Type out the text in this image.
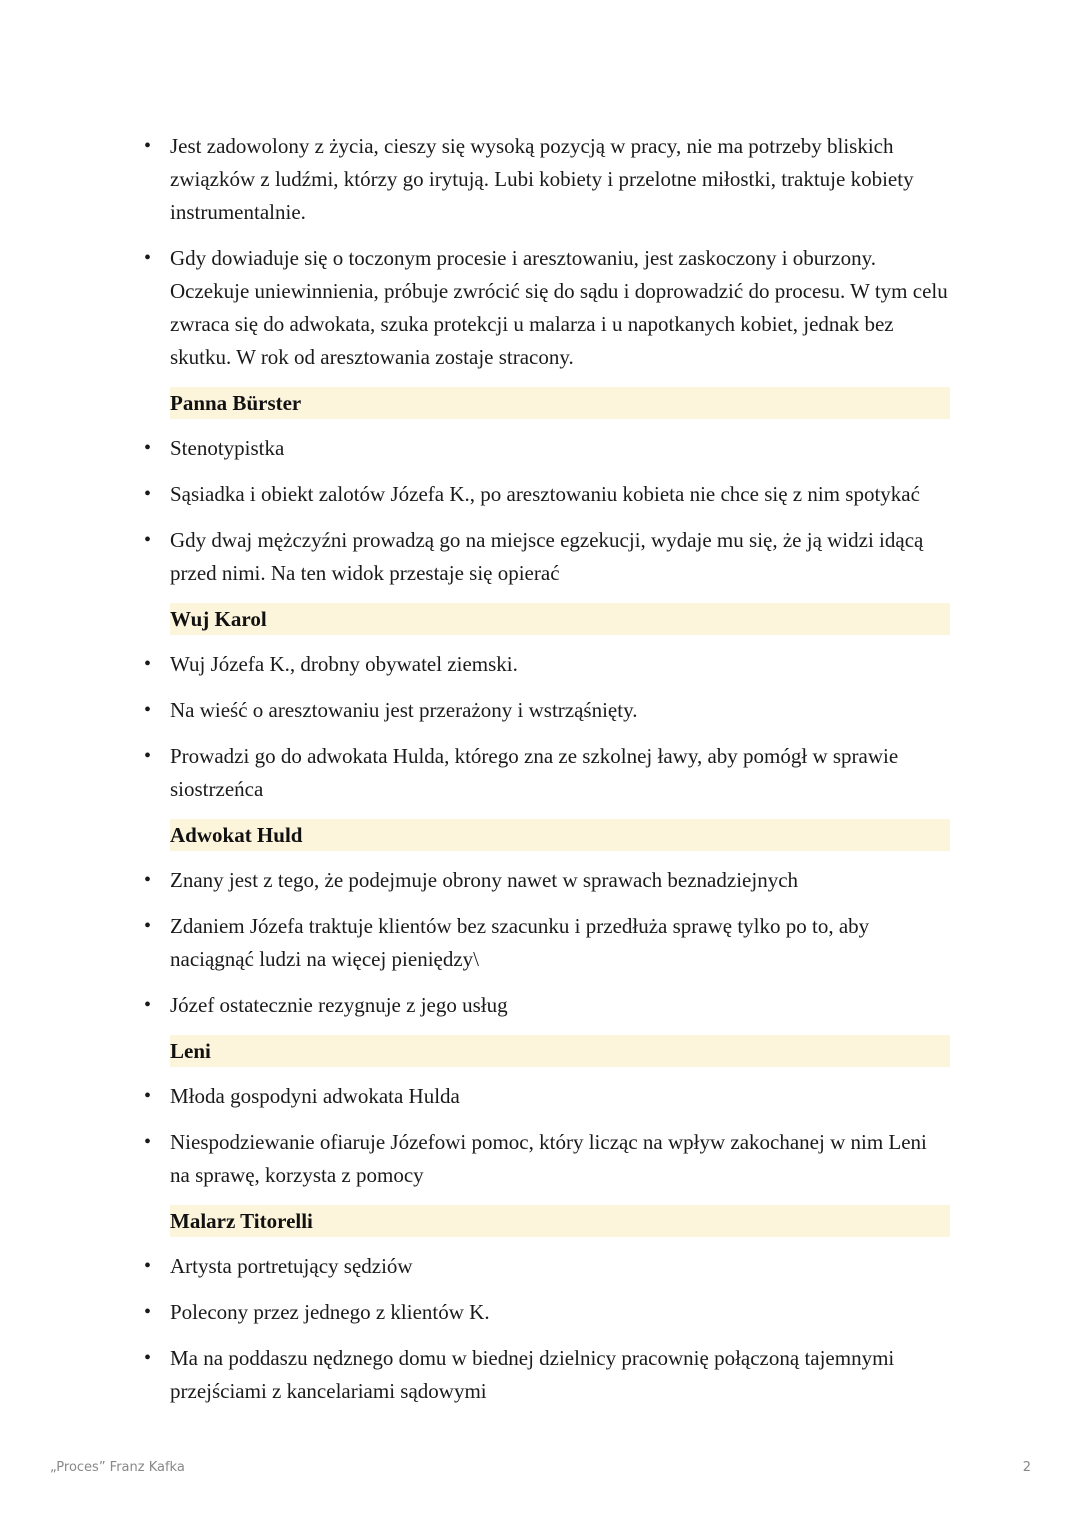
• Jest zadowolony z życia, cieszy się wysoką pozycją w pracy, nie ma potrzeby bliskich związków z ludźmi, którzy go irytują. Lubi kobiety i przelotne miłostki, traktuje kobiety instrumentalnie.
• Gdy dowiaduje się o toczonym procesie i aresztowaniu, jest zaskoczony i oburzony. Oczekuje uniewinnienia, próbuje zwrócić się do sądu i doprowadzić do procesu. W tym celu zwraca się do adwokata, szuka protekcji u malarza i u napotkanych kobiet, jednak bez skutku. W rok od aresztowania zostaje stracony.
Panna Bürster
• Stenotypistka
• Sąsiadka i obiekt zalotów Józefa K., po aresztowaniu kobieta nie chce się z nim spotykać
• Gdy dwaj mężczyźni prowadzą go na miejsce egzekucji, wydaje mu się, że ją widzi idącą przed nimi. Na ten widok przestaje się opierać
Wuj Karol
• Wuj Józefa K., drobny obywatel ziemski.
• Na wieść o aresztowaniu jest przerażony i wstrząśnięty.
• Prowadzi go do adwokata Hulda, którego zna ze szkolnej ławy, aby pomógł w sprawie siostrzeńca
Adwokat Huld
• Znany jest z tego, że podejmuje obrony nawet w sprawach beznadziejnych
• Zdaniem Józefa traktuje klientów bez szacunku i przedłuża sprawę tylko po to, aby naciągnąć ludzi na więcej pieniędzy\
• Józef ostatecznie rezygnuje z jego usług
Leni
• Młoda gospodyni adwokata Hulda
• Niespodziewanie ofiaruje Józefowi pomoc, który licząc na wpływ zakochanej w nim Leni na sprawę, korzysta z pomocy
Malarz Titorelli
• Artysta portretujący sędziów
• Polecony przez jednego z klientów K.
• Ma na poddaszu nędznego domu w biednej dzielnicy pracownię połączoną tajemnymi przejściami z kancelariami sądowymi
„Proces” Franz Kafka	2
